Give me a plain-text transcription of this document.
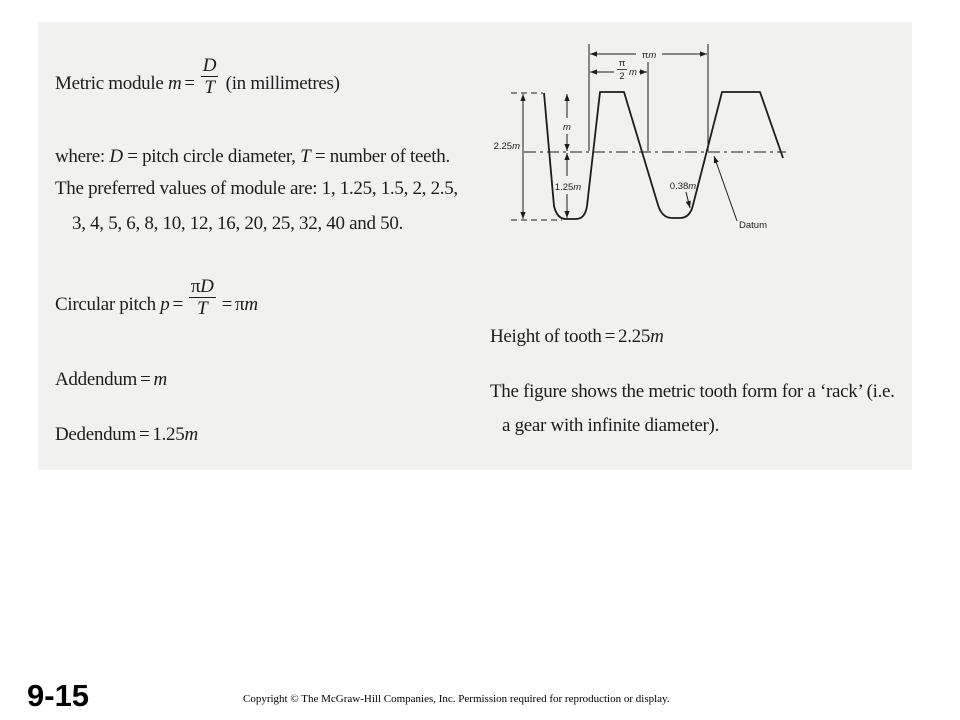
Metric module $m = \frac{D}{T} (in$ millimetres)
where: D = pitch circle diameter, T = number of teeth.
The preferred values of module are: 1, 1.25, 1.5, 2, 2.5,
3, 4, 5, 6, 8, 10, 12, 16, 20, 25, 32, 40 and 50.
Circular pitch $p = \frac{\pi D}{T} = \pi m$
Addendum = m
Dedendum = 1.25m
Height of tooth = 2.25m
The figure shows the metric tooth form for a ‘rack’ (i.e.
a gear with infinite diameter).
πm
π
2 m
2.25m
m
1.25m	0.38m
Datum
9-15	Copyright © The McGraw-Hill Companies, Inc. Permission required for reproduction or display.
